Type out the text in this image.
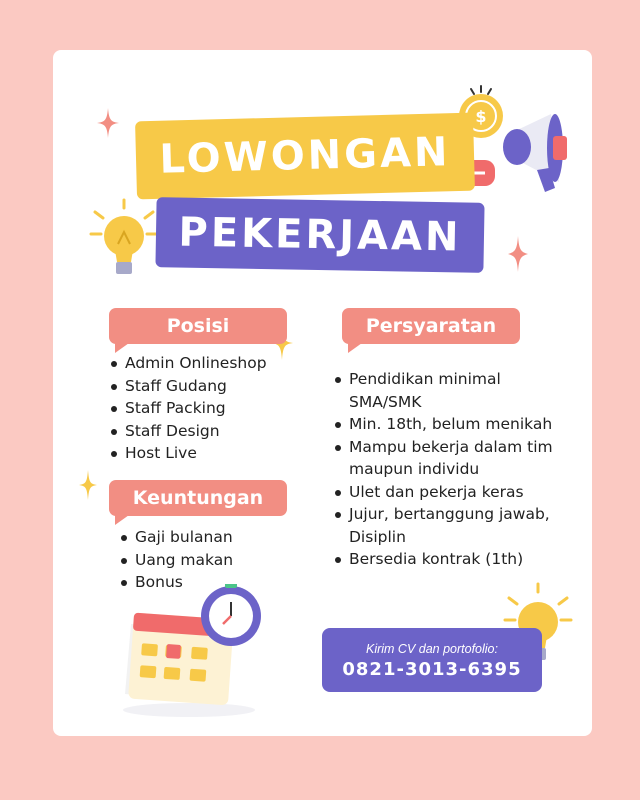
$
LOWONGAN
PEKERJAAN
Posisi
Admin Onlineshop
Staff Gudang
Staff Packing
Staff Design
Host Live
Keuntungan
Gaji bulanan
Uang makan
Bonus
Persyaratan
Pendidikan minimal SMA/SMK
Min. 18th, belum menikah
Mampu bekerja dalam tim maupun individu
Ulet dan pekerja keras
Jujur, bertanggung jawab, Disiplin
Bersedia kontrak (1th)
Kirim CV dan portofolio:
0821-3013-6395
